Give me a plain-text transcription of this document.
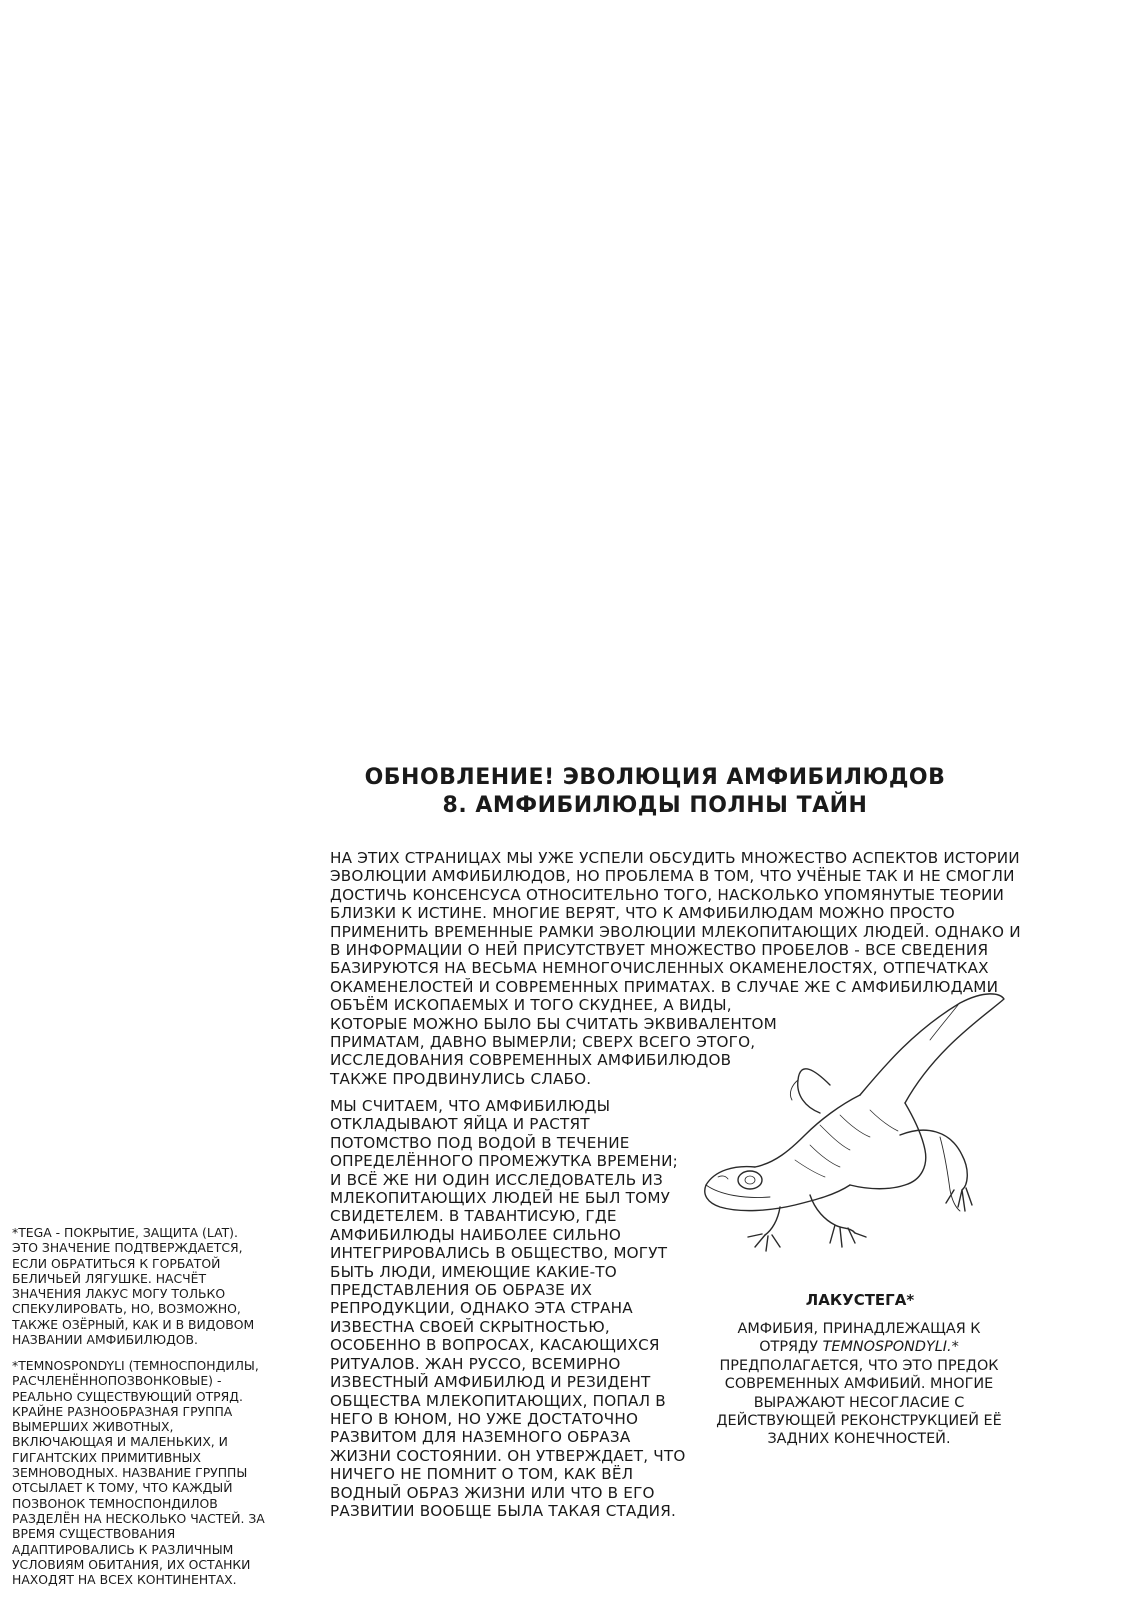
ОБНОВЛЕНИЕ! ЭВОЛЮЦИЯ АМФИБИЛЮДОВ
8. АМФИБИЛЮДЫ ПОЛНЫ ТАЙН
НА ЭТИХ СТРАНИЦАХ МЫ УЖЕ УСПЕЛИ ОБСУДИТЬ МНОЖЕСТВО АСПЕКТОВ ИСТОРИИ
ЭВОЛЮЦИИ АМФИБИЛЮДОВ, НО ПРОБЛЕМА В ТОМ, ЧТО УЧЁНЫЕ ТАК И НЕ СМОГЛИ
ДОСТИЧЬ КОНСЕНСУСА ОТНОСИТЕЛЬНО ТОГО, НАСКОЛЬКО УПОМЯНУТЫЕ ТЕОРИИ
БЛИЗКИ К ИСТИНЕ. МНОГИЕ ВЕРЯТ, ЧТО К АМФИБИЛЮДАМ МОЖНО ПРОСТО
ПРИМЕНИТЬ ВРЕМЕННЫЕ РАМКИ ЭВОЛЮЦИИ МЛЕКОПИТАЮЩИХ ЛЮДЕЙ. ОДНАКО И
В ИНФОРМАЦИИ О НЕЙ ПРИСУТСТВУЕТ МНОЖЕСТВО ПРОБЕЛОВ - ВСЕ СВЕДЕНИЯ
БАЗИРУЮТСЯ НА ВЕСЬМА НЕМНОГОЧИСЛЕННЫХ ОКАМЕНЕЛОСТЯХ, ОТПЕЧАТКАХ
ОКАМЕНЕЛОСТЕЙ И СОВРЕМЕННЫХ ПРИМАТАХ. В СЛУЧАЕ ЖЕ С АМФИБИЛЮДАМИ
ОБЪЁМ ИСКОПАЕМЫХ И ТОГО СКУДНЕЕ, А ВИДЫ,
КОТОРЫЕ МОЖНО БЫЛО БЫ СЧИТАТЬ ЭКВИВАЛЕНТОМ
ПРИМАТАМ, ДАВНО ВЫМЕРЛИ; СВЕРХ ВСЕГО ЭТОГО,
ИССЛЕДОВАНИЯ СОВРЕМЕННЫХ АМФИБИЛЮДОВ
ТАКЖЕ ПРОДВИНУЛИСЬ СЛАБО.
МЫ СЧИТАЕМ, ЧТО АМФИБИЛЮДЫ
ОТКЛАДЫВАЮТ ЯЙЦА И РАСТЯТ
ПОТОМСТВО ПОД ВОДОЙ В ТЕЧЕНИЕ
ОПРЕДЕЛЁННОГО ПРОМЕЖУТКА ВРЕМЕНИ;
И ВСЁ ЖЕ НИ ОДИН ИССЛЕДОВАТЕЛЬ ИЗ
МЛЕКОПИТАЮЩИХ ЛЮДЕЙ НЕ БЫЛ ТОМУ
СВИДЕТЕЛЕМ. В ТАВАНТИСУЮ, ГДЕ
АМФИБИЛЮДЫ НАИБОЛЕЕ СИЛЬНО
ИНТЕГРИРОВАЛИСЬ В ОБЩЕСТВО, МОГУТ
БЫТЬ ЛЮДИ, ИМЕЮЩИЕ КАКИЕ-ТО
ПРЕДСТАВЛЕНИЯ ОБ ОБРАЗЕ ИХ
РЕПРОДУКЦИИ, ОДНАКО ЭТА СТРАНА
ИЗВЕСТНА СВОЕЙ СКРЫТНОСТЬЮ,
ОСОБЕННО В ВОПРОСАХ, КАСАЮЩИХСЯ
РИТУАЛОВ. ЖАН РУССО, ВСЕМИРНО
ИЗВЕСТНЫЙ АМФИБИЛЮД И РЕЗИДЕНТ
ОБЩЕСТВА МЛЕКОПИТАЮЩИХ, ПОПАЛ В
НЕГО В ЮНОМ, НО УЖЕ ДОСТАТОЧНО
РАЗВИТОМ ДЛЯ НАЗЕМНОГО ОБРАЗА
ЖИЗНИ СОСТОЯНИИ. ОН УТВЕРЖДАЕТ, ЧТО
НИЧЕГО НЕ ПОМНИТ О ТОМ, КАК ВЁЛ
ВОДНЫЙ ОБРАЗ ЖИЗНИ ИЛИ ЧТО В ЕГО
РАЗВИТИИ ВООБЩЕ БЫЛА ТАКАЯ СТАДИЯ.
*TEGA - ПОКРЫТИЕ, ЗАЩИТА (LAT).
ЭТО ЗНАЧЕНИЕ ПОДТВЕРЖДАЕТСЯ,
ЕСЛИ ОБРАТИТЬСЯ К ГОРБАТОЙ
БЕЛИЧЬЕЙ ЛЯГУШКЕ. НАСЧЁТ
ЗНАЧЕНИЯ ЛАКУС МОГУ ТОЛЬКО
СПЕКУЛИРОВАТЬ, НО, ВОЗМОЖНО,
ТАКЖЕ ОЗЁРНЫЙ, КАК И В ВИДОВОМ
НАЗВАНИИ АМФИБИЛЮДОВ.
*TEMNOSPONDYLI (ТЕМНОСПОНДИЛЫ,
РАСЧЛЕНЁННОПОЗВОНКОВЫЕ) -
РЕАЛЬНО СУЩЕСТВУЮЩИЙ ОТРЯД.
КРАЙНЕ РАЗНООБРАЗНАЯ ГРУППА
ВЫМЕРШИХ ЖИВОТНЫХ,
ВКЛЮЧАЮЩАЯ И МАЛЕНЬКИХ, И
ГИГАНТСКИХ ПРИМИТИВНЫХ
ЗЕМНОВОДНЫХ. НАЗВАНИЕ ГРУППЫ
ОТСЫЛАЕТ К ТОМУ, ЧТО КАЖДЫЙ
ПОЗВОНОК ТЕМНОСПОНДИЛОВ
РАЗДЕЛЁН НА НЕСКОЛЬКО ЧАСТЕЙ. ЗА
ВРЕМЯ СУЩЕСТВОВАНИЯ
АДАПТИРОВАЛИСЬ К РАЗЛИЧНЫМ
УСЛОВИЯМ ОБИТАНИЯ, ИХ ОСТАНКИ
НАХОДЯТ НА ВСЕХ КОНТИНЕНТАХ.
ЛАКУСТЕГА*
АМФИБИЯ, ПРИНАДЛЕЖАЩАЯ К
ОТРЯДУ TEMNOSPONDYLI.*
ПРЕДПОЛАГАЕТСЯ, ЧТО ЭТО ПРЕДОК
СОВРЕМЕННЫХ АМФИБИЙ. МНОГИЕ
ВЫРАЖАЮТ НЕСОГЛАСИЕ С
ДЕЙСТВУЮЩЕЙ РЕКОНСТРУКЦИЕЙ ЕЁ
ЗАДНИХ КОНЕЧНОСТЕЙ.
